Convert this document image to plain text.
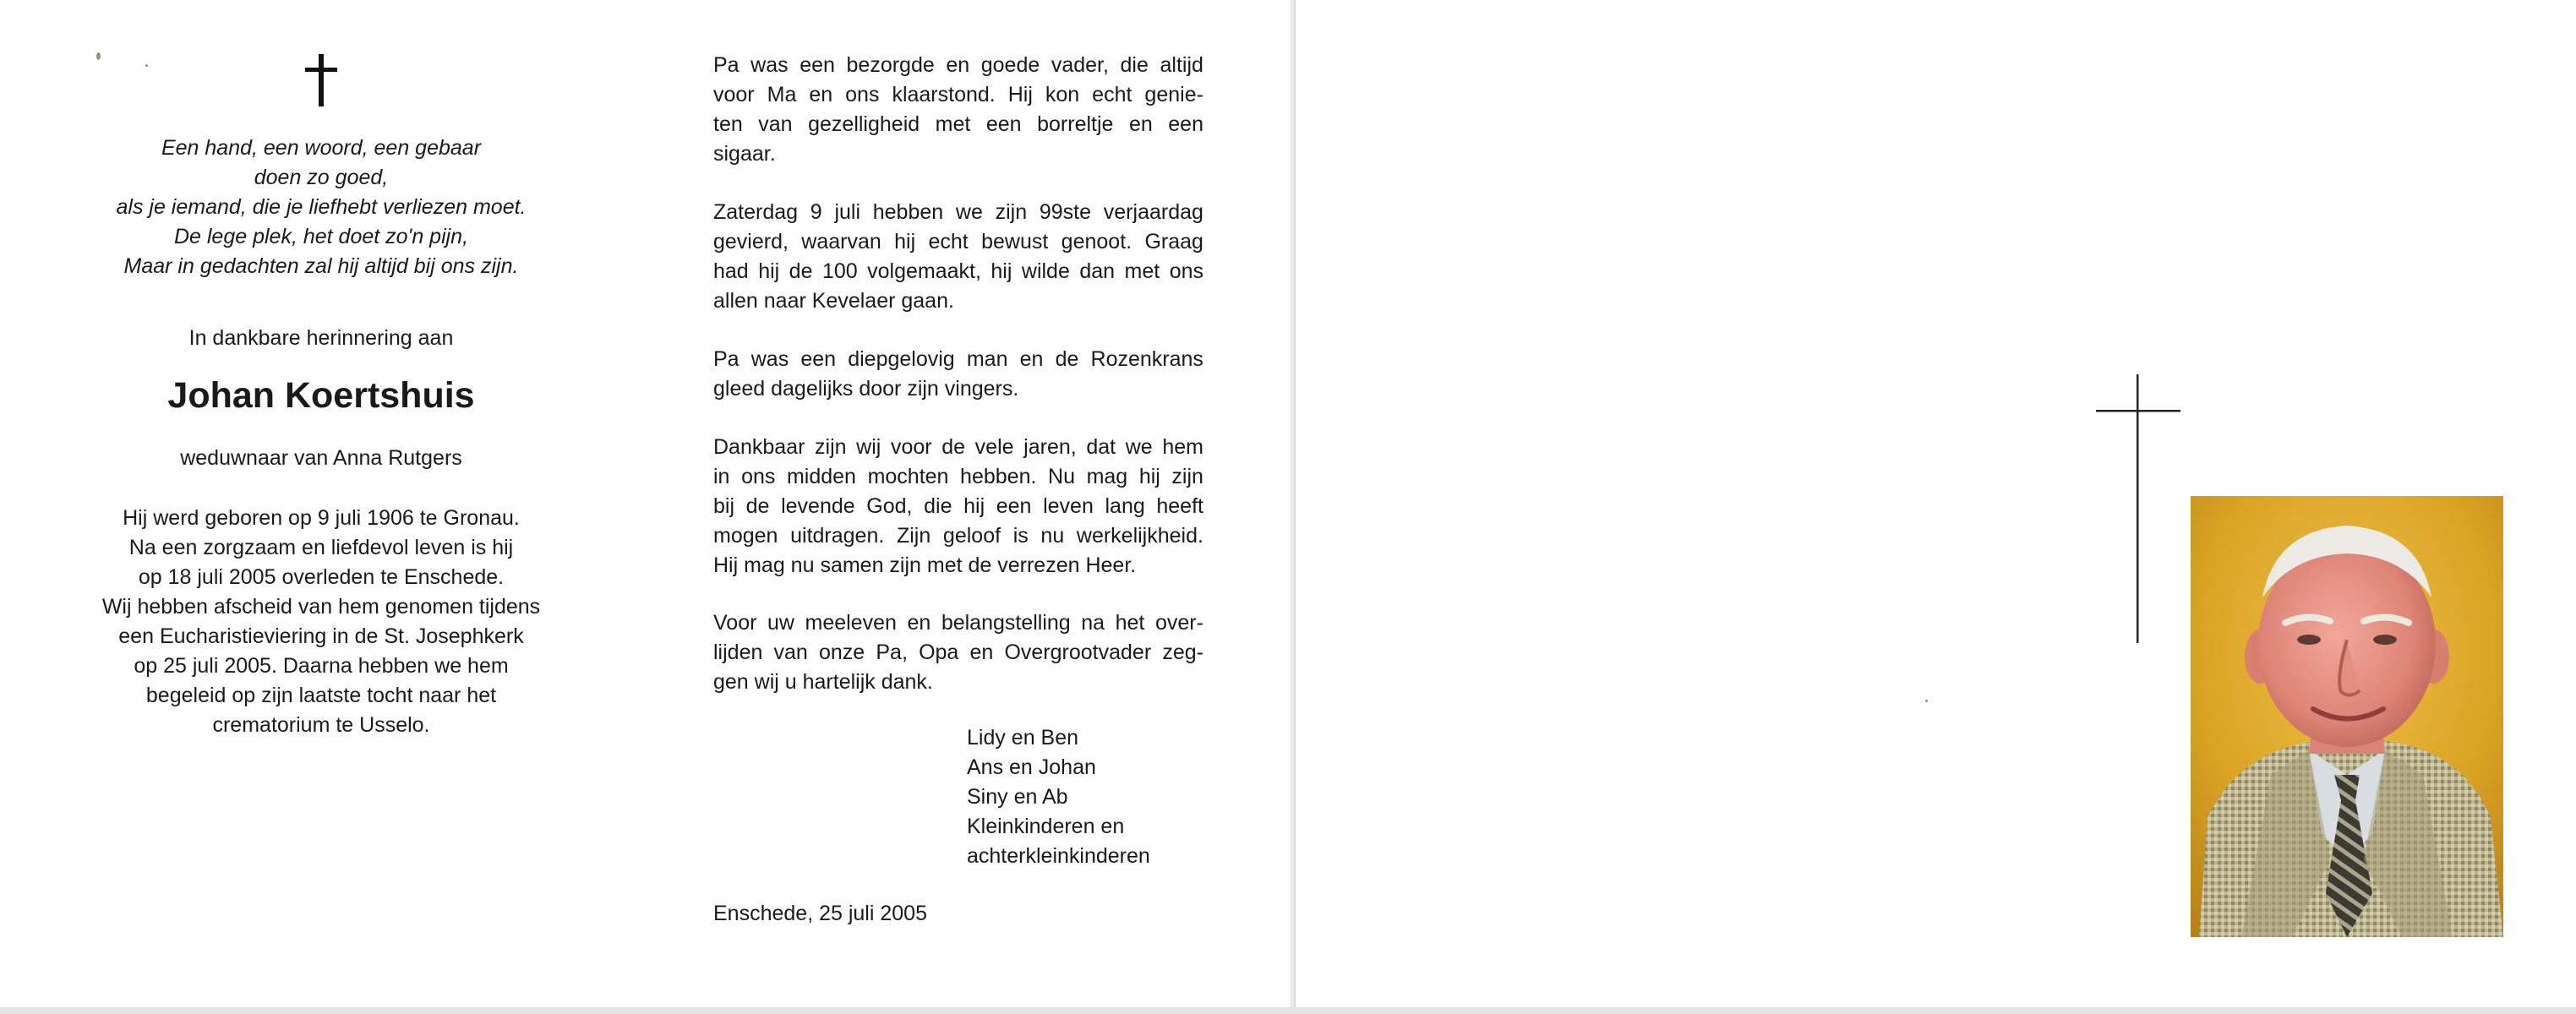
Een hand, een woord, een gebaar
doen zo goed,
als je iemand, die je liefhebt verliezen moet.
De lege plek, het doet zo'n pijn,
Maar in gedachten zal hij altijd bij ons zijn.
In dankbare herinnering aan
Johan Koertshuis
weduwnaar van Anna Rutgers
Hij werd geboren op 9 juli 1906 te Gronau.
Na een zorgzaam en liefdevol leven is hij
op 18 juli 2005 overleden te Enschede.
Wij hebben afscheid van hem genomen tijdens
een Eucharistieviering in de St. Josephkerk
op 25 juli 2005. Daarna hebben we hem
begeleid op zijn laatste tocht naar het
crematorium te Usselo.
Pa was een bezorgde en goede vader, die altijd
voor Ma en ons klaarstond. Hij kon echt genie-
ten van gezelligheid met een borreltje en een
sigaar.
Zaterdag 9 juli hebben we zijn 99ste verjaardag
gevierd, waarvan hij echt bewust genoot. Graag
had hij de 100 volgemaakt, hij wilde dan met ons
allen naar Kevelaer gaan.
Pa was een diepgelovig man en de Rozenkrans
gleed dagelijks door zijn vingers.
Dankbaar zijn wij voor de vele jaren, dat we hem
in ons midden mochten hebben. Nu mag hij zijn
bij de levende God, die hij een leven lang heeft
mogen uitdragen. Zijn geloof is nu werkelijkheid.
Hij mag nu samen zijn met de verrezen Heer.
Voor uw meeleven en belangstelling na het over-
lijden van onze Pa, Opa en Overgrootvader zeg-
gen wij u hartelijk dank.
Lidy en Ben
Ans en Johan
Siny en Ab
Kleinkinderen en
achterkleinkinderen
Enschede, 25 juli 2005
